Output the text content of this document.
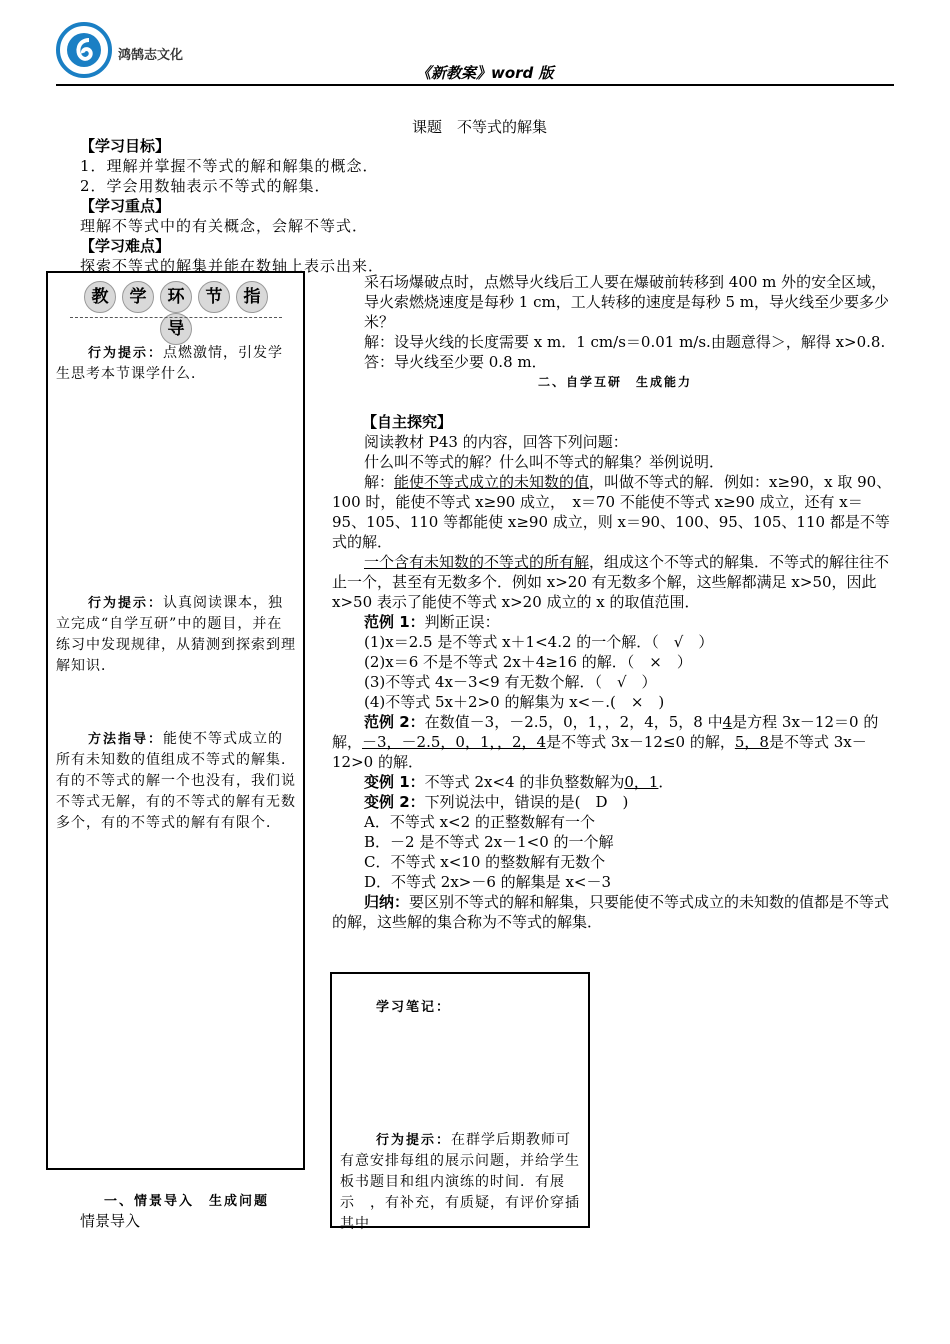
鸿鹄志文化
《新教案》word 版
课题　不等式的解集

【学习目标】

1．理解并掌握不等式的解和解集的概念．

2．学会用数轴表示不等式的解集．

【学习重点】

理解不等式中的有关概念，会解不等式．

【学习难点】

探索不等式的解集并能在数轴上表示出来．

教 学 环 节 指导
行为提示：点燃激情，引发学生思考本节课学什么．
行为提示：认真阅读课本，独立完成“自学互研”中的题目，并在练习中发现规律，从猜测到探索到理解知识．
方法指导：能使不等式成立的所有未知数的值组成不等式的解集．有的不等式的解一个也没有，我们说不等式无解，有的不等式的解有无数多个，有的不等式的解有有限个．
一、情景导入　生成问题
情景导入

采石场爆破点时，点燃导火线后工人要在爆破前转移到 400 m 外的安全区域，导火索燃烧速度是每秒 1 cm，工人转移的速度是每秒 5 m，导火线至少要多少米？

解：设导火线的长度需要 x m．1 cm/s＝0.01 m/s.由题意得＞，解得 x>0.8.

答：导火线至少要 0.8 m．

二、自学互研　生成能力

【自主探究】

阅读教材 P43 的内容，回答下列问题：

什么叫不等式的解？什么叫不等式的解集？举例说明．

解：能使不等式成立的未知数的值，叫做不等式的解．例如：x≥90，x 取 90、100 时，能使不等式 x≥90 成立，　x＝70 不能使不等式 x≥90 成立，还有 x＝95、105、110 等都能使 x≥90 成立，则 x＝90、100、95、105、110 都是不等式的解．

一个含有未知数的不等式的所有解，组成这个不等式的解集．不等式的解往往不止一个，甚至有无数多个．例如 x>20 有无数多个解，这些解都满足 x>50，因此 x>50 表示了能使不等式 x>20 成立的 x 的取值范围．

范例 1：判断正误：

(1)x＝2.5 是不等式 x＋1<4.2 的一个解．（　√　）

(2)x＝6 不是不等式 2x＋4≥16 的解．（　×　）

(3)不等式 4x－3<9 有无数个解．（　√　）

(4)不等式 5x＋2>0 的解集为 x<－.(　×　)

范例 2：在数值－3，－2.5，0，1，，2，4，5，8 中4是方程 3x－12＝0 的解，－3，－2.5，0，1，，2，4是不等式 3x－12≤0 的解，5，8是不等式 3x－12>0 的解．

变例 1：不等式 2x<4 的非负整数解为0，1．

变例 2：下列说法中，错误的是(　D　)

A．不等式 x<2 的正整数解有一个

B．－2 是不等式 2x－1<0 的一个解

C．不等式 x<10 的整数解有无数个

D．不等式 2x>－6 的解集是 x<－3

归纳：要区别不等式的解和解集，只要能使不等式成立的未知数的值都是不等式的解，这些解的集合称为不等式的解集．

学习笔记：
行为提示：在群学后期教师可有意安排每组的展示问题，并给学生板书题目和组内演练的时间．有展示　，有补充，有质疑，有评价穿插其中．
